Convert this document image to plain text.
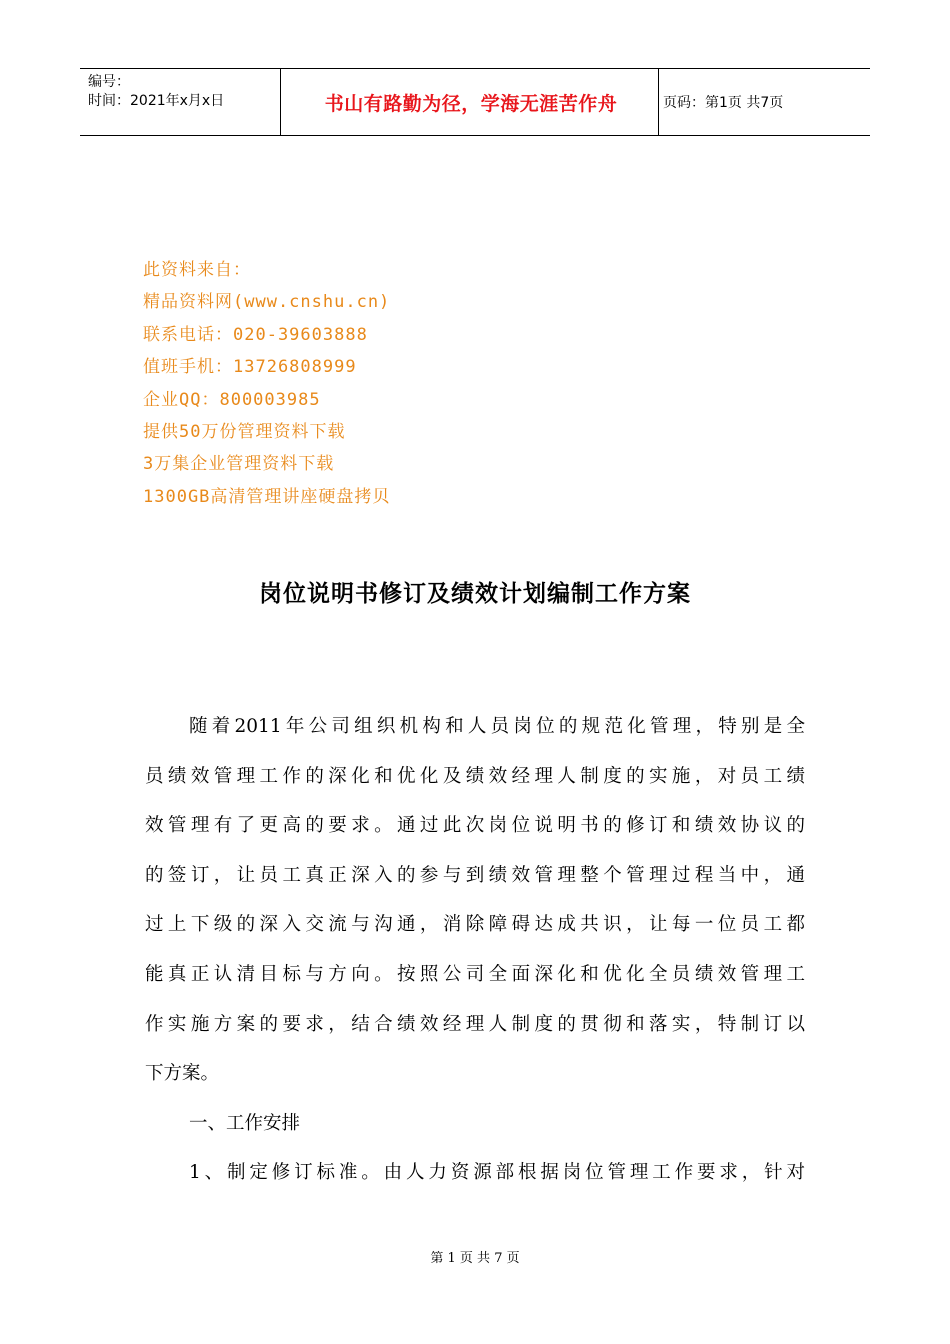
编号：
时间：2021年x月x日	书山有路勤为径，学海无涯苦作舟	页码：第1页 共7页
此资料来自：
精品资料网(www.cnshu.cn)
联系电话：020-39603888
值班手机：13726808999
企业QQ：800003985
提供50万份管理资料下载
3万集企业管理资料下载
1300GB高清管理讲座硬盘拷贝
岗位说明书修订及绩效计划编制工作方案
随着2011年公司组织机构和人员岗位的规范化管理，特别是全
员绩效管理工作的深化和优化及绩效经理人制度的实施，对员工绩
效管理有了更高的要求。通过此次岗位说明书的修订和绩效协议的
的签订，让员工真正深入的参与到绩效管理整个管理过程当中，通
过上下级的深入交流与沟通，消除障碍达成共识，让每一位员工都
能真正认清目标与方向。按照公司全面深化和优化全员绩效管理工
作实施方案的要求，结合绩效经理人制度的贯彻和落实，特制订以
下方案。
一、工作安排
1、制定修订标准。由人力资源部根据岗位管理工作要求，针对
第 1 页 共 7 页
